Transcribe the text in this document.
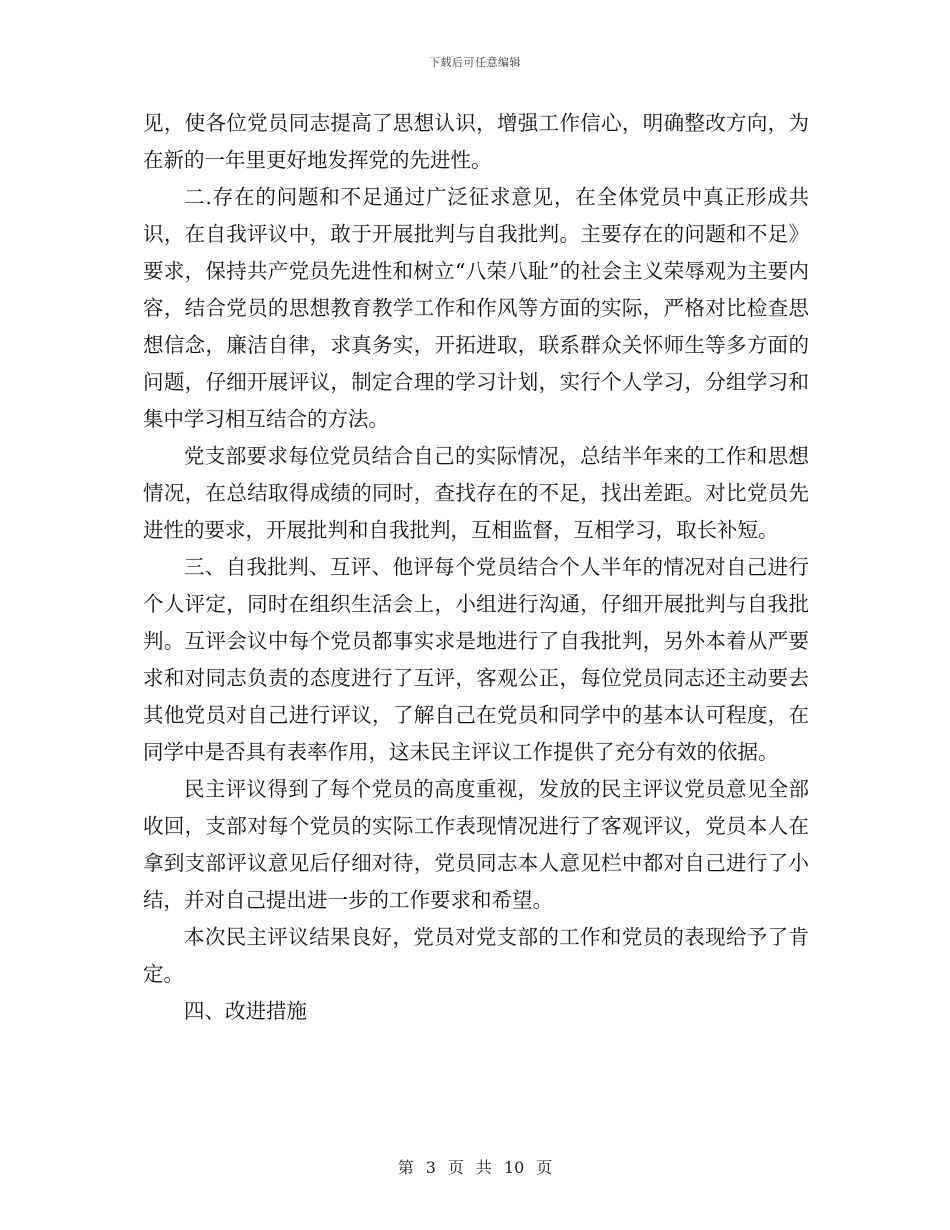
下载后可任意编辑

见，使各位党员同志提高了思想认识，增强工作信心，明确整改方向，为在新的一年里更好地发挥党的先进性。

二.存在的问题和不足通过广泛征求意见，在全体党员中真正形成共识，在自我评议中，敢于开展批判与自我批判。主要存在的问题和不足》要求，保持共产党员先进性和树立“八荣八耻”的社会主义荣辱观为主要内容，结合党员的思想教育教学工作和作风等方面的实际，严格对比检查思想信念，廉洁自律，求真务实，开拓进取，联系群众关怀师生等多方面的问题，仔细开展评议，制定合理的学习计划，实行个人学习，分组学习和集中学习相互结合的方法。

党支部要求每位党员结合自己的实际情况，总结半年来的工作和思想情况，在总结取得成绩的同时，查找存在的不足，找出差距。对比党员先进性的要求，开展批判和自我批判，互相监督，互相学习，取长补短。

三、自我批判、互评、他评每个党员结合个人半年的情况对自己进行个人评定，同时在组织生活会上，小组进行沟通，仔细开展批判与自我批判。互评会议中每个党员都事实求是地进行了自我批判，另外本着从严要求和对同志负责的态度进行了互评，客观公正，每位党员同志还主动要去其他党员对自己进行评议，了解自己在党员和同学中的基本认可程度，在同学中是否具有表率作用，这未民主评议工作提供了充分有效的依据。

民主评议得到了每个党员的高度重视，发放的民主评议党员意见全部收回，支部对每个党员的实际工作表现情况进行了客观评议，党员本人在拿到支部评议意见后仔细对待，党员同志本人意见栏中都对自己进行了小结，并对自己提出进一步的工作要求和希望。

本次民主评议结果良好，党员对党支部的工作和党员的表现给予了肯定。

四、改进措施

第 3 页 共 10 页
